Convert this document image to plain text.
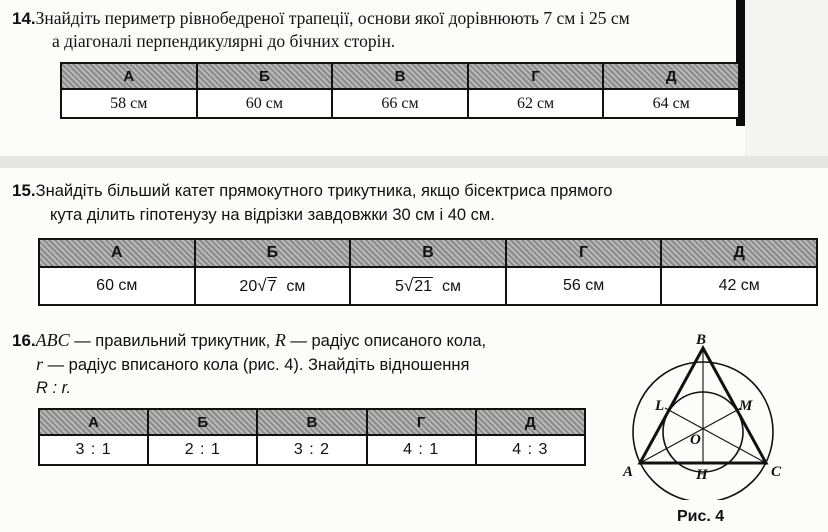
14.Знайдіть периметр рівнобедреної трапеції, основи якої дорівнюють 7 см і 25 см
а діагоналі перпендикулярні до бічних сторін.
А	Б	В	Г	Д
58 см	60 см	66 см	62 см	64 см
15.Знайдіть більший катет прямокутного трикутника, якщо бісектриса прямого
кута ділить гіпотенузу на відрізки завдовжки 30 см і 40 см.
А	Б	В	Г	Д
60 см	20√7 см	5√21 см	56 см	42 см
16.ABC — правильний трикутник, R — радіус описаного кола,
r — радіус вписаного кола (рис. 4). Знайдіть відношення
R : r.
А	Б	В	Г	Д
3 : 1	2 : 1	3 : 2	4 : 1	4 : 3
B
L	M
O
A	H	C
Рис. 4
